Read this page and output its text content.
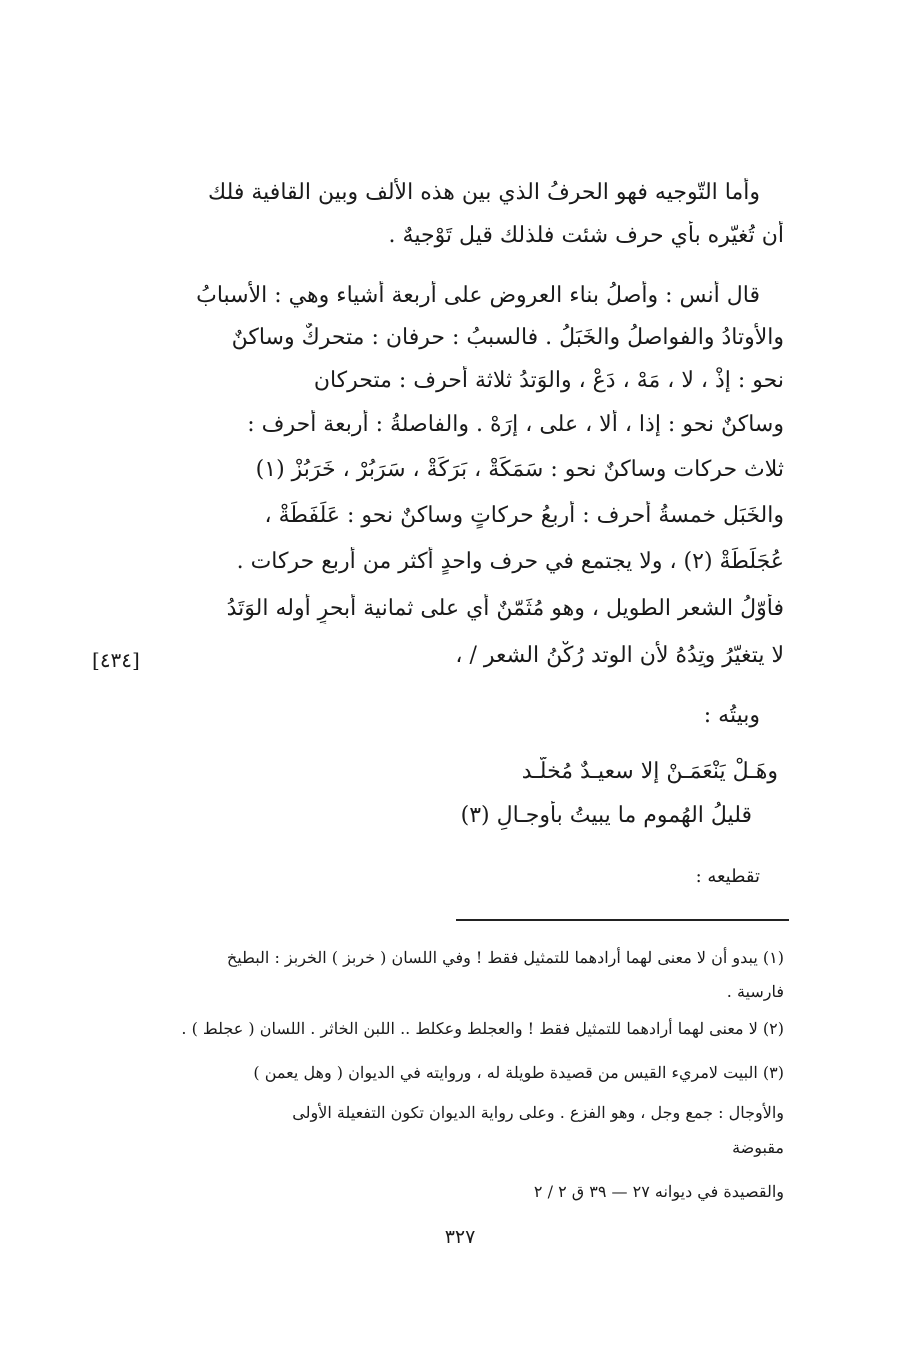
وأما التّوجيه فهو الحرفُ الذي بين هذه الألف وبين القافية فلك
أن تُغيّره بأي حرف شئت فلذلك قيل تَوْجيهٌ .
قال أنس : وأصلُ بناء العروض على أربعة أشياء وهي : الأسبابُ
والأوتادُ والفواصلُ والخَبَلُ . فالسببُ : حرفان : متحركٌ وساكنٌ
نحو : إذْ ، لا ، مَهْ ، دَعْ ، والوَتدُ ثلاثة أحرف : متحركان
وساكنٌ نحو : إذا ، ألا ، على ، إرَهْ . والفاصلةُ : أربعة أحرف :
ثلاث حركات وساكنٌ نحو : سَمَكَةْ ، بَرَكَةْ ، سَرَبُرْ ، خَرَبُزْ (١)
والخَبَل خمسةُ أحرف : أربعُ حركاتٍ وساكنٌ نحو : عَلَفَطَةْ ،
عُجَلَطَةْ (٢) ، ولا يجتمع في حرف واحدٍ أكثر من أربع حركات .
فأوّلُ الشعر الطويل ، وهو مُثَمّنٌ أي على ثمانية أبحرٍ أوله الوَتَدُ
لا يتغيّرُ وتِدُهُ لأن الوتد رُكْنُ الشعر / ،
[٤٣٤]
وبيتُه :
وهَـلْ يَنْعَمَـنْ إلا سعيـدٌ مُخلّـد
قليلُ الهُموم ما يبيتُ بأوجـالِ (٣)
تقطيعه :
(١) يبدو أن لا معنى لهما أرادهما للتمثيل فقط ! وفي اللسان ( خربز ) الخربز : البطيخ
فارسية .
(٢) لا معنى لهما أرادهما للتمثيل فقط ! والعجلط وعكلط .. اللبن الخاثر . اللسان ( عجلط ) .
(٣) البيت لامريء القيس من قصيدة طويلة له ، وروايته في الديوان ( وهل يعمن )
والأوجال : جمع وجل ، وهو الفزع . وعلى رواية الديوان تكون التفعيلة الأولى
مقبوضة
والقصيدة في ديوانه ٢٧ — ٣٩ ق ٢ / ٢
٣٢٧
